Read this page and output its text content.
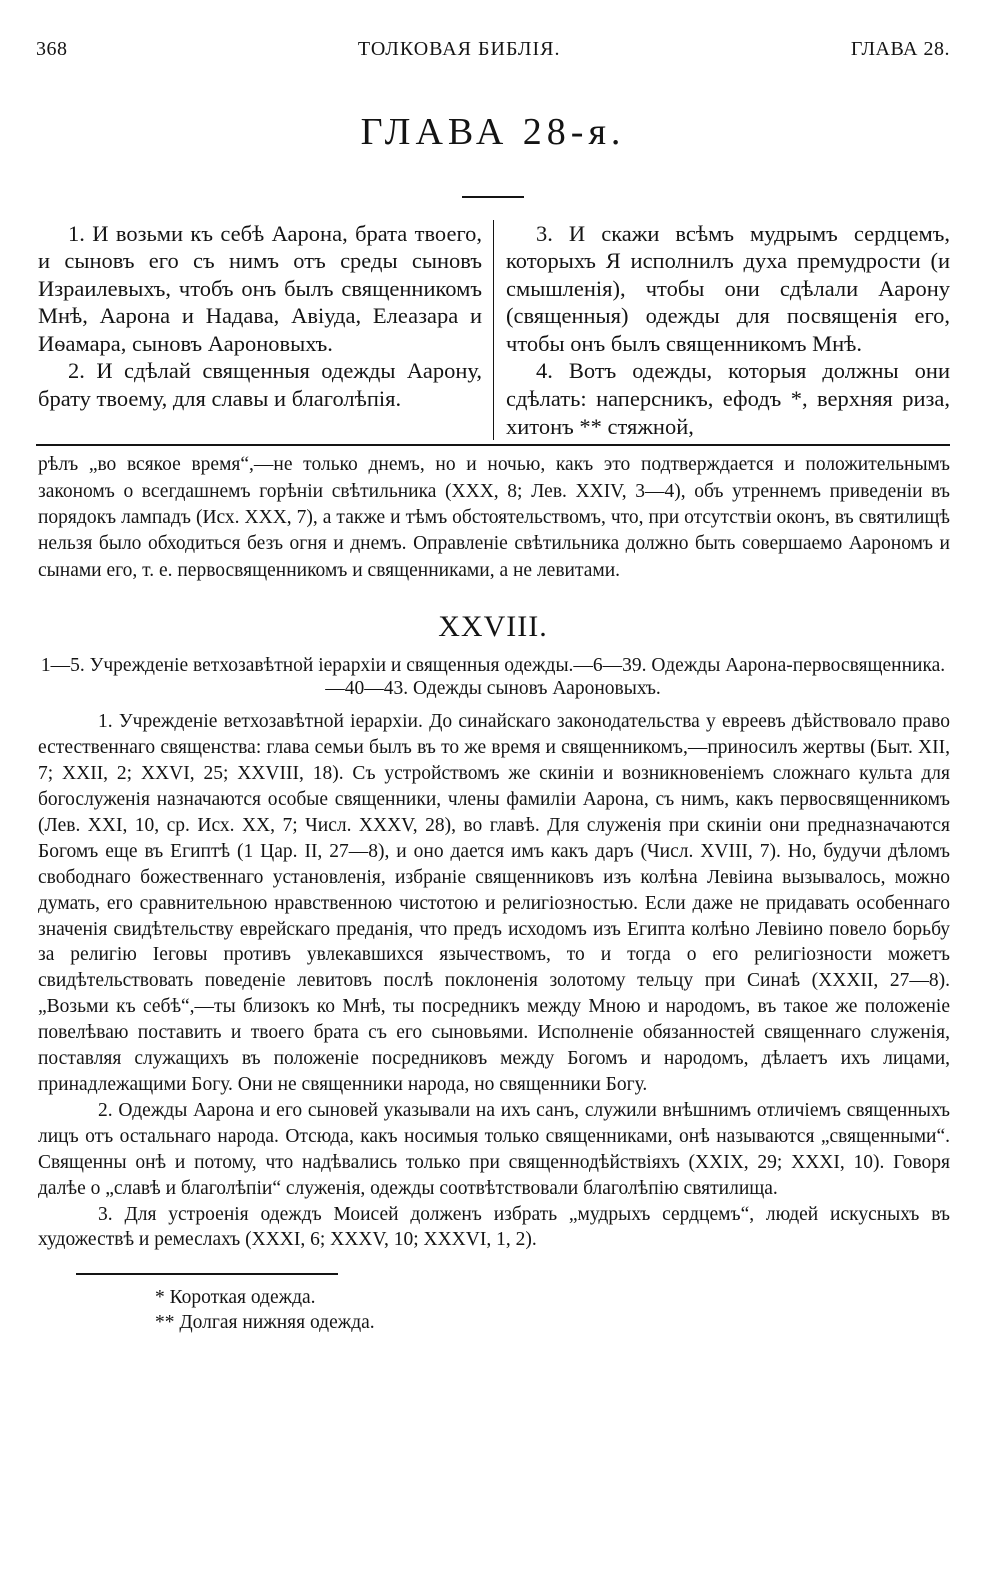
368	ТОЛКОВАЯ БИБЛІЯ.	ГЛАВА 28.
ГЛАВА 28-я.

1. И возьми къ себѣ Аарона, брата твоего, и сыновъ его съ нимъ отъ среды сыновъ Израилевыхъ, чтобъ онъ былъ священникомъ Мнѣ, Аарона и Надава, Авіуда, Елеазара и Иѳамара, сыновъ Аароновыхъ.

2. И сдѣлай священныя одежды Аарону, брату твоему, для славы и благолѣпія.

3. И скажи всѣмъ мудрымъ сердцемъ, которыхъ Я исполнилъ духа премудрости (и смышленія), чтобы они сдѣлали Аарону (священныя) одежды для посвященія его, чтобы онъ былъ священникомъ Мнѣ.

4. Вотъ одежды, которыя должны они сдѣлать: наперсникъ, ефодъ *, верхняя риза, хитонъ ** стяжной,

рѣлъ „во всякое время“,—не только днемъ, но и ночью, какъ это подтверждается и положительнымъ закономъ о всегдашнемъ горѣніи свѣтильника (XXX, 8; Лев. XXIV, 3—4), объ утреннемъ приведеніи въ порядокъ лампадъ (Исх. XXX, 7), а также и тѣмъ обстоятельствомъ, что, при отсутствіи оконъ, въ святилищѣ нельзя было обходиться безъ огня и днемъ. Оправленіе свѣтильника должно быть совершаемо Аарономъ и сынами его, т. е. первосвященникомъ и священниками, а не левитами.

XXVIII.
1—5. Учрежденіе ветхозавѣтной іерархіи и священныя одежды.—6—39. Одежды Аарона-первосвященника.—40—43. Одежды сыновъ Аароновыхъ.

1. Учрежденіе ветхозавѣтной іерархіи. До синайскаго законодательства у евреевъ дѣйствовало право естественнаго священства: глава семьи былъ въ то же время и священникомъ,—приносилъ жертвы (Быт. XII, 7; XXII, 2; XXVI, 25; XXVIII, 18). Съ устройствомъ же скиніи и возникновеніемъ сложнаго культа для богослуженія назначаются особые священники, члены фамиліи Аарона, съ нимъ, какъ первосвященникомъ (Лев. XXI, 10, ср. Исх. XX, 7; Числ. XXXV, 28), во главѣ. Для служенія при скиніи они предназначаются Богомъ еще въ Египтѣ (1 Цар. II, 27—8), и оно дается имъ какъ даръ (Числ. XVIII, 7). Но, будучи дѣломъ свободнаго божественнаго установленія, избраніе священниковъ изъ колѣна Левіина вызывалось, можно думать, его сравнительною нравственною чистотою и религіозностью. Если даже не придавать особеннаго значенія свидѣтельству еврейскаго преданія, что предъ исходомъ изъ Египта колѣно Левіино повело борьбу за религію Іеговы противъ увлекавшихся язычествомъ, то и тогда о его религіозности можетъ свидѣтельствовать поведеніе левитовъ послѣ поклоненія золотому тельцу при Синаѣ (XXXII, 27—8). „Возьми къ себѣ“,—ты близокъ ко Мнѣ, ты посредникъ между Мною и народомъ, въ такое же положеніе повелѣваю поставить и твоего брата съ его сыновьями. Исполненіе обязанностей священнаго служенія, поставляя служащихъ въ положеніе посредниковъ между Богомъ и народомъ, дѣлаетъ ихъ лицами, принадлежащими Богу. Они не священники народа, но священники Богу.

2. Одежды Аарона и его сыновей указывали на ихъ санъ, служили внѣшнимъ отличіемъ священныхъ лицъ отъ остальнаго народа. Отсюда, какъ носимыя только священниками, онѣ называются „священными“. Священны онѣ и потому, что надѣвались только при священнодѣйствіяхъ (XXIX, 29; XXXI, 10). Говоря далѣе о „славѣ и благолѣпіи“ служенія, одежды соотвѣтствовали благолѣпію святилища.

3. Для устроенія одеждъ Моисей долженъ избрать „мудрыхъ сердцемъ“, людей искусныхъ въ художествѣ и ремеслахъ (XXXI, 6; XXXV, 10; XXXVI, 1, 2).

* Короткая одежда.

** Долгая нижняя одежда.
